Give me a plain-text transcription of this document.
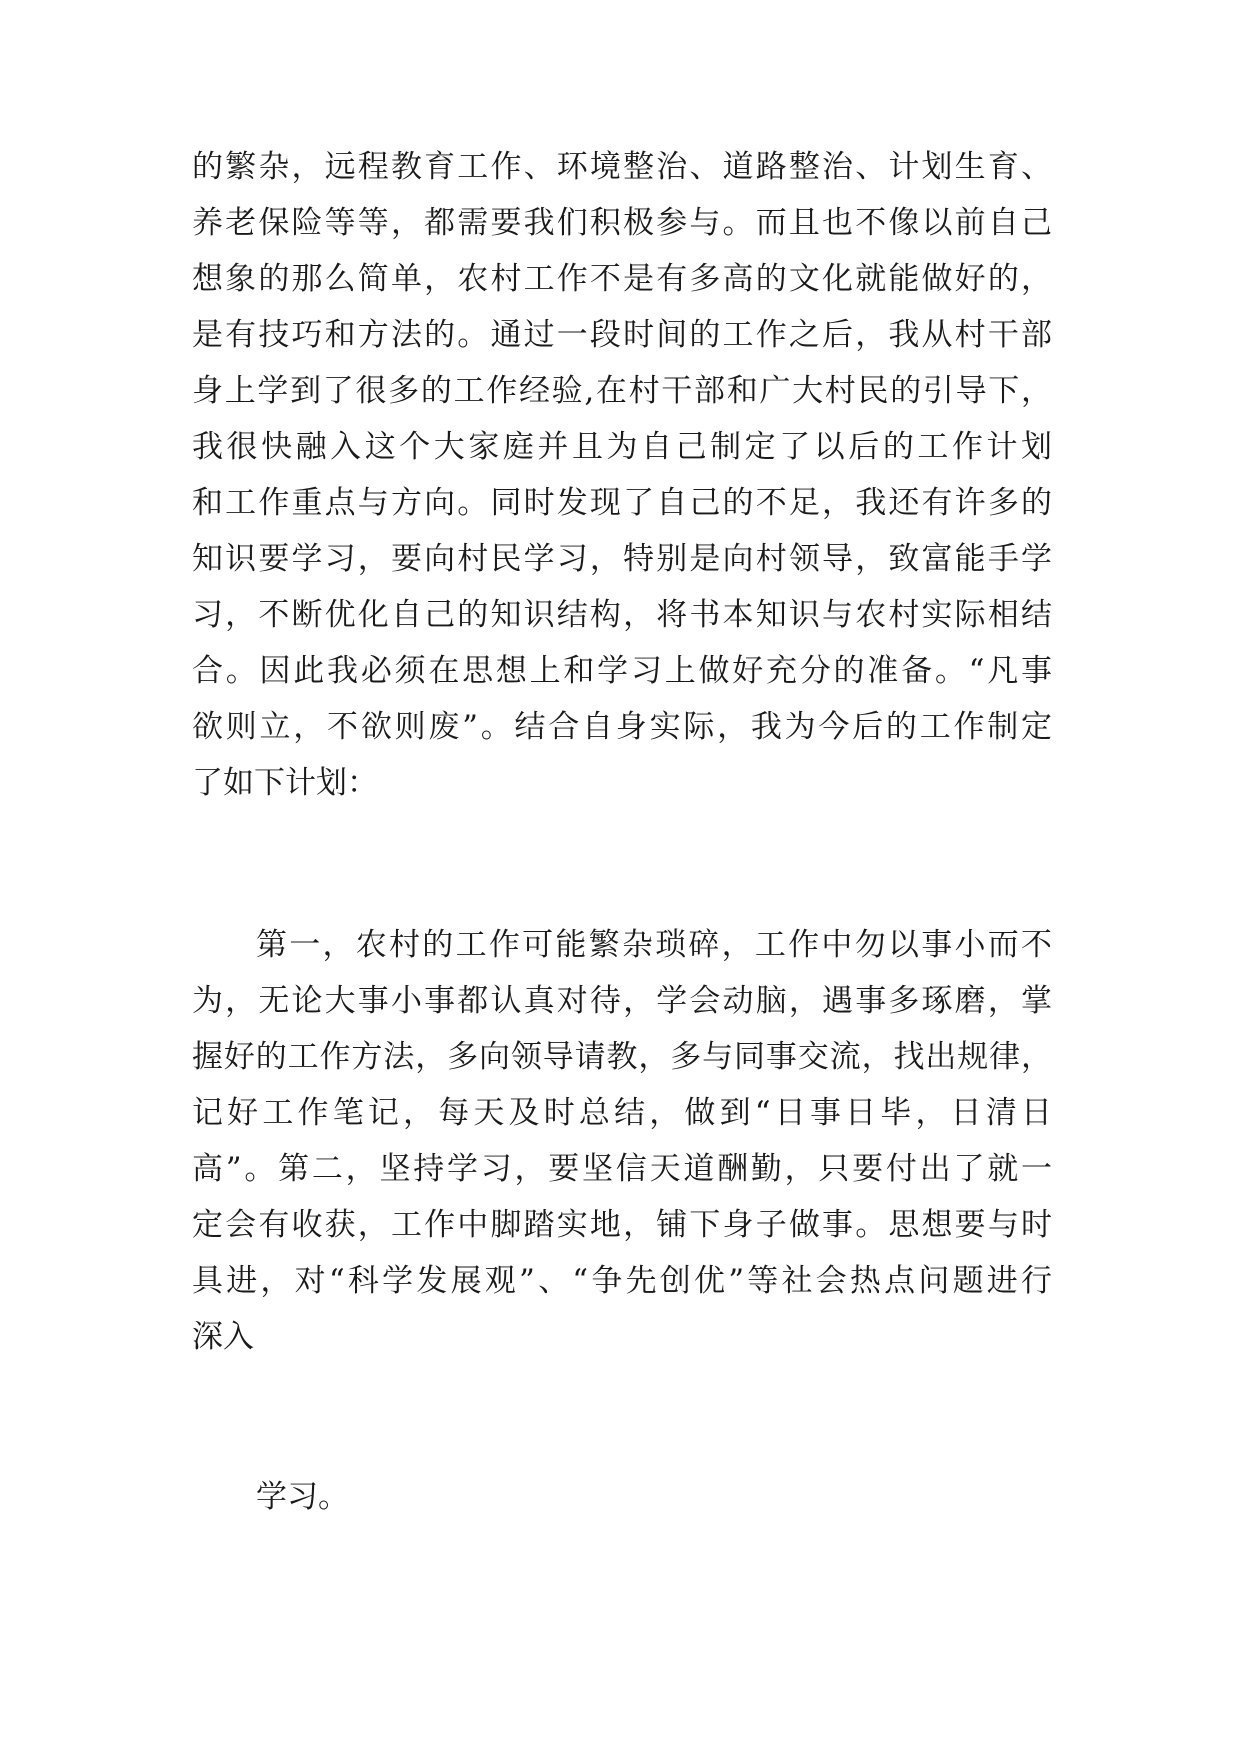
的繁杂，远程教育工作、环境整治、道路整治、计划生育、
养老保险等等，都需要我们积极参与。而且也不像以前自己
想象的那么简单，农村工作不是有多高的文化就能做好的，
是有技巧和方法的。通过一段时间的工作之后，我从村干部
身上学到了很多的工作经验,在村干部和广大村民的引导下，
我很快融入这个大家庭并且为自己制定了以后的工作计划
和工作重点与方向。同时发现了自己的不足，我还有许多的
知识要学习，要向村民学习，特别是向村领导，致富能手学
习，不断优化自己的知识结构，将书本知识与农村实际相结
合。因此我必须在思想上和学习上做好充分的准备。“凡事
欲则立，不欲则废”。结合自身实际，我为今后的工作制定
了如下计划：
第一，农村的工作可能繁杂琐碎，工作中勿以事小而不
为，无论大事小事都认真对待，学会动脑，遇事多琢磨，掌
握好的工作方法，多向领导请教，多与同事交流，找出规律，
记好工作笔记，每天及时总结，做到“日事日毕，日清日
高”。第二，坚持学习，要坚信天道酬勤，只要付出了就一
定会有收获，工作中脚踏实地，铺下身子做事。思想要与时
具进，对“科学发展观”、“争先创优”等社会热点问题进行
深入
学习。
